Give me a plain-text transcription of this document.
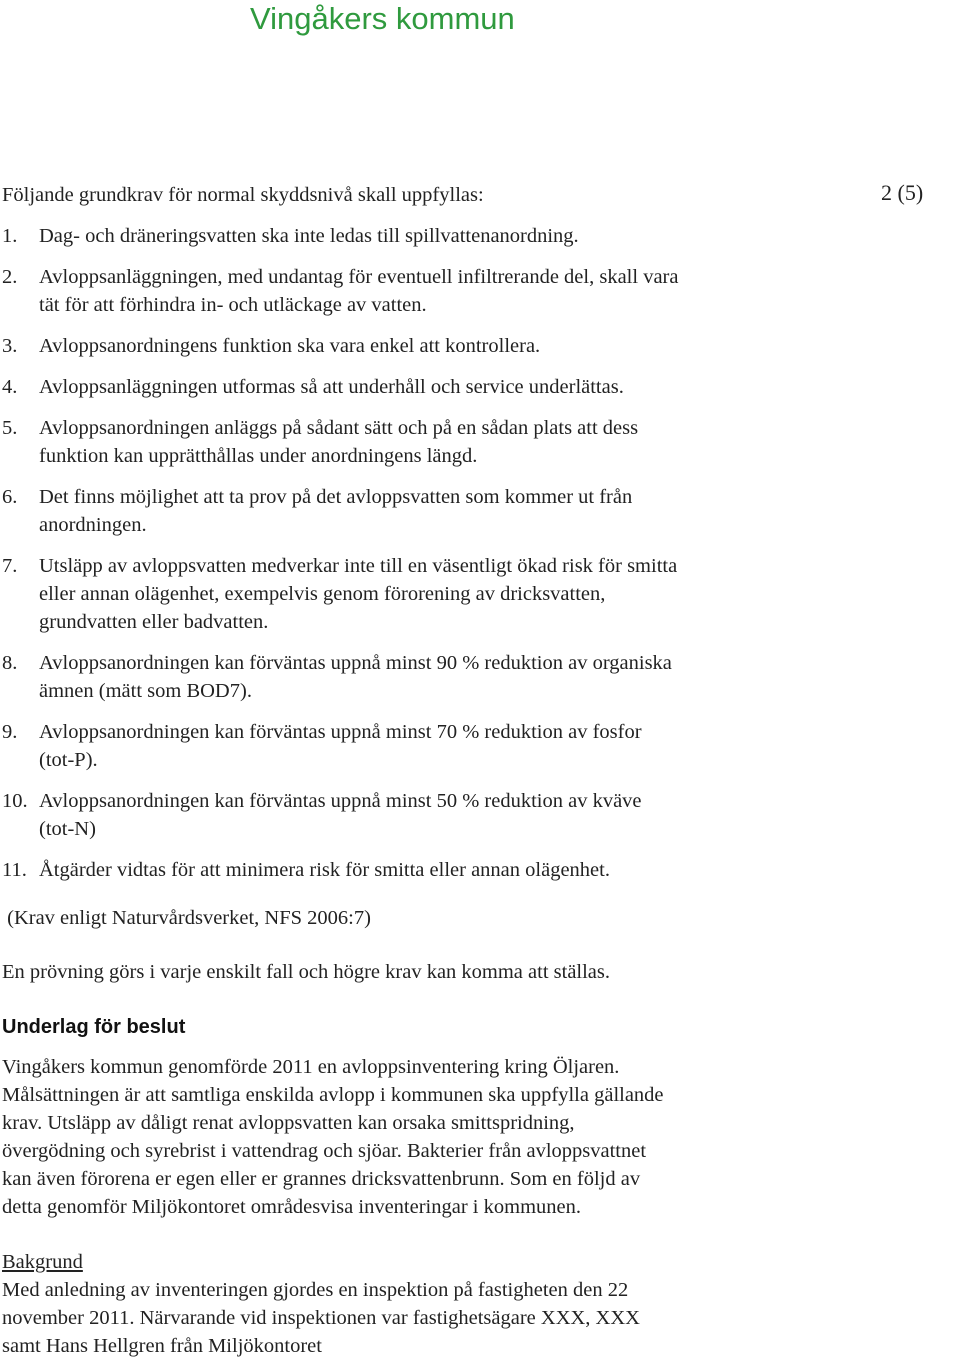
Vingåkers kommun
2 (5)
Följande grundkrav för normal skyddsnivå skall uppfyllas:
1. Dag- och dräneringsvatten ska inte ledas till spillvattenanordning.
2. Avloppsanläggningen, med undantag för eventuell infiltrerande del, skall vara
tät för att förhindra in- och utläckage av vatten.
3. Avloppsanordningens funktion ska vara enkel att kontrollera.
4. Avloppsanläggningen utformas så att underhåll och service underlättas.
5. Avloppsanordningen anläggs på sådant sätt och på en sådan plats att dess
funktion kan upprätthållas under anordningens längd.
6. Det finns möjlighet att ta prov på det avloppsvatten som kommer ut från
anordningen.
7. Utsläpp av avloppsvatten medverkar inte till en väsentligt ökad risk för smitta
eller annan olägenhet, exempelvis genom förorening av dricksvatten,
grundvatten eller badvatten.
8. Avloppsanordningen kan förväntas uppnå minst 90 % reduktion av organiska
ämnen (mätt som BOD7).
9. Avloppsanordningen kan förväntas uppnå minst 70 % reduktion av fosfor
(tot-P).
10. Avloppsanordningen kan förväntas uppnå minst 50 % reduktion av kväve
(tot-N)
11. Åtgärder vidtas för att minimera risk för smitta eller annan olägenhet.
(Krav enligt Naturvårdsverket, NFS 2006:7)
En prövning görs i varje enskilt fall och högre krav kan komma att ställas.
Underlag för beslut
Vingåkers kommun genomförde 2011 en avloppsinventering kring Öljaren.
Målsättningen är att samtliga enskilda avlopp i kommunen ska uppfylla gällande
krav. Utsläpp av dåligt renat avloppsvatten kan orsaka smittspridning,
övergödning och syrebrist i vattendrag och sjöar. Bakterier från avloppsvattnet
kan även förorena er egen eller er grannes dricksvattenbrunn. Som en följd av
detta genomför Miljökontoret områdesvisa inventeringar i kommunen.
Bakgrund
Med anledning av inventeringen gjordes en inspektion på fastigheten den 22
november 2011. Närvarande vid inspektionen var fastighetsägare XXX, XXX
samt Hans Hellgren från Miljökontoret
